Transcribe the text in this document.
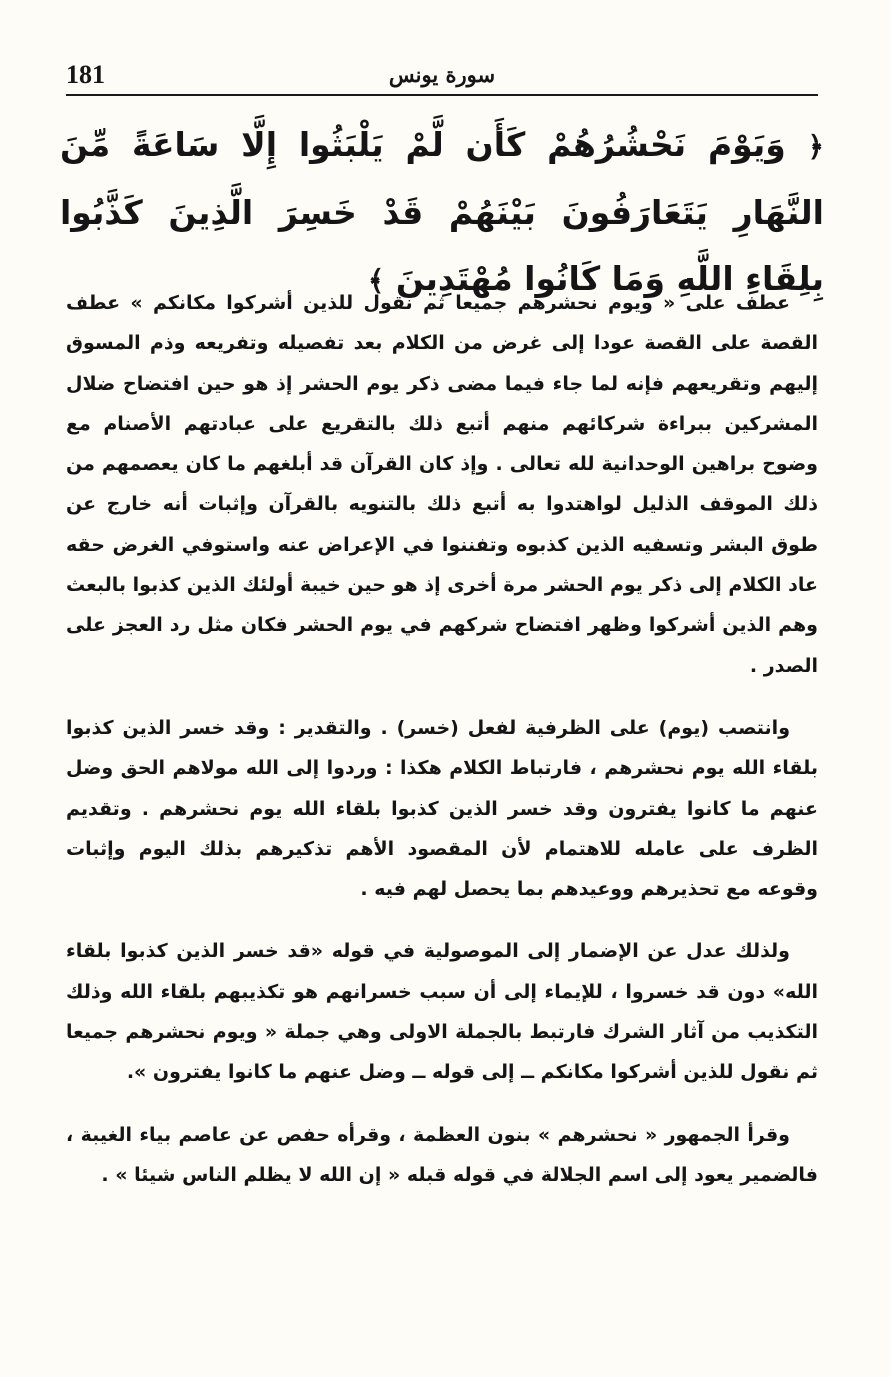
181	سورة يونس
﴿ وَيَوْمَ نَحْشُرُهُمْ كَأَن لَّمْ يَلْبَثُوا إِلَّا سَاعَةً مِّنَ النَّهَارِ يَتَعَارَفُونَ بَيْنَهُمْ قَدْ خَسِرَ الَّذِينَ كَذَّبُوا بِلِقَاءِ اللَّهِ وَمَا كَانُوا مُهْتَدِينَ ﴾

عطف على « ويوم نحشرهم جميعا ثم نقول للذين أشركوا مكانكم » عطف القصة على القصة عودا إلى غرض من الكلام بعد تفصيله وتفريعه وذم المسوق إليهم وتقريعهم فإنه لما جاء فيما مضى ذكر يوم الحشر إذ هو حين افتضاح ضلال المشركين ببراءة شركائهم منهم أتبع ذلك بالتقريع على عبادتهم الأصنام مع وضوح براهين الوحدانية لله تعالى . وإذ كان القرآن قد أبلغهم ما كان يعصمهم من ذلك الموقف الذليل لواهتدوا به أتبع ذلك بالتنويه بالقرآن وإثبات أنه خارج عن طوق البشر وتسفيه الذين كذبوه وتفننوا في الإعراض عنه واستوفي الغرض حقه عاد الكلام إلى ذكر يوم الحشر مرة أخرى إذ هو حين خيبة أولئك الذين كذبوا بالبعث وهم الذين أشركوا وظهر افتضاح شركهم في يوم الحشر فكان مثل رد العجز على الصدر .

وانتصب (يوم) على الظرفية لفعل (خسر) . والتقدير : وقد خسر الذين كذبوا بلقاء الله يوم نحشرهم ، فارتباط الكلام هكذا : وردوا إلى الله مولاهم الحق وضل عنهم ما كانوا يفترون وقد خسر الذين كذبوا بلقاء الله يوم نحشرهم . وتقديم الظرف على عامله للاهتمام لأن المقصود الأهم تذكيرهم بذلك اليوم وإثبات وقوعه مع تحذيرهم ووعيدهم بما يحصل لهم فيه .

ولذلك عدل عن الإضمار إلى الموصولية في قوله «قد خسر الذين كذبوا بلقاء الله» دون قد خسروا ، للإيماء إلى أن سبب خسرانهم هو تكذيبهم بلقاء الله وذلك التكذيب من آثار الشرك فارتبط بالجملة الاولى وهي جملة « ويوم نحشرهم جميعا ثم نقول للذين أشركوا مكانكم ــ إلى قوله ــ وضل عنهم ما كانوا يفترون ».

وقرأ الجمهور « نحشرهم » بنون العظمة ، وقرأه حفص عن عاصم بياء الغيبة ، فالضمير يعود إلى اسم الجلالة في قوله قبله « إن الله لا يظلم الناس شيئا » .
